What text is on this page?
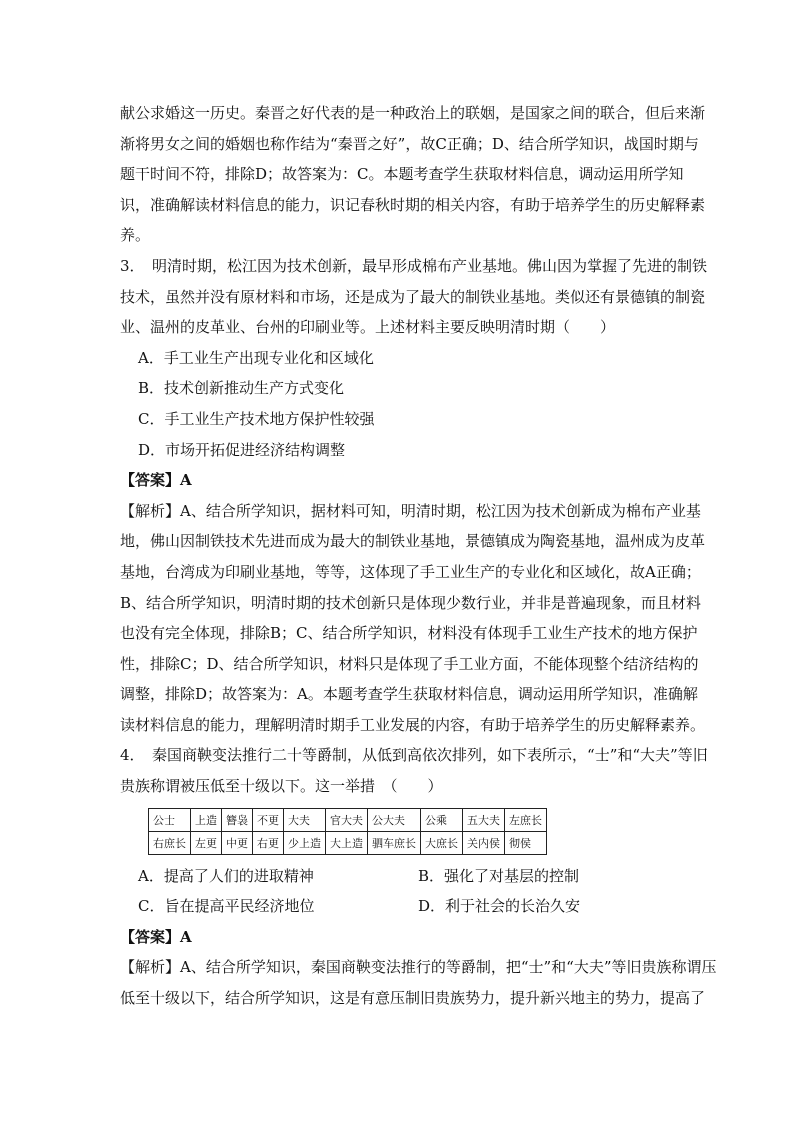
献公求婚这一历史。秦晋之好代表的是一种政治上的联姻，是国家之间的联合，但后来渐
渐将男女之间的婚姻也称作结为“秦晋之好”，故C正确；D、结合所学知识，战国时期与
题干时间不符，排除D；故答案为：C。本题考查学生获取材料信息，调动运用所学知
识，准确解读材料信息的能力，识记春秋时期的相关内容，有助于培养学生的历史解释素
养。
3．　明清时期，松江因为技术创新，最早形成棉布产业基地。佛山因为掌握了先进的制铁
技术，虽然并没有原材料和市场，还是成为了最大的制铁业基地。类似还有景德镇的制瓷
业、温州的皮革业、台州的印刷业等。上述材料主要反映明清时期（　　）
A．手工业生产出现专业化和区域化
B．技术创新推动生产方式变化
C．手工业生产技术地方保护性较强
D．市场开拓促进经济结构调整
【答案】A
【解析】A、结合所学知识，据材料可知，明清时期，松江因为技术创新成为棉布产业基
地，佛山因制铁技术先进而成为最大的制铁业基地，景德镇成为陶瓷基地，温州成为皮革
基地，台湾成为印刷业基地，等等，这体现了手工业生产的专业化和区域化，故A正确；
B、结合所学知识，明清时期的技术创新只是体现少数行业，并非是普遍现象，而且材料
也没有完全体现，排除B；C、结合所学知识，材料没有体现手工业生产技术的地方保护
性，排除C；D、结合所学知识，材料只是体现了手工业方面，不能体现整个结济结构的
调整，排除D；故答案为：A。本题考查学生获取材料信息，调动运用所学知识，准确解
读材料信息的能力，理解明清时期手工业发展的内容，有助于培养学生的历史解释素养。
4．　秦国商鞅变法推行二十等爵制，从低到高依次排列，如下表所示，“士”和“大夫”等旧
贵族称谓被压低至十级以下。这一举措　（　　）
公士	上造	簪袅	不更	大夫	官大夫	公大夫	公乘	五大夫	左庶长
右庶长	左更	中更	右更	少上造	大上造	驷车庶长	大庶长	关内侯	彻侯
A．提高了人们的进取精神	B．强化了对基层的控制
C．旨在提高平民经济地位	D．利于社会的长治久安
【答案】A
【解析】A、结合所学知识，秦国商鞅变法推行的等爵制，把“士”和“大夫”等旧贵族称谓压
低至十级以下，结合所学知识，这是有意压制旧贵族势力，提升新兴地主的势力，提高了
